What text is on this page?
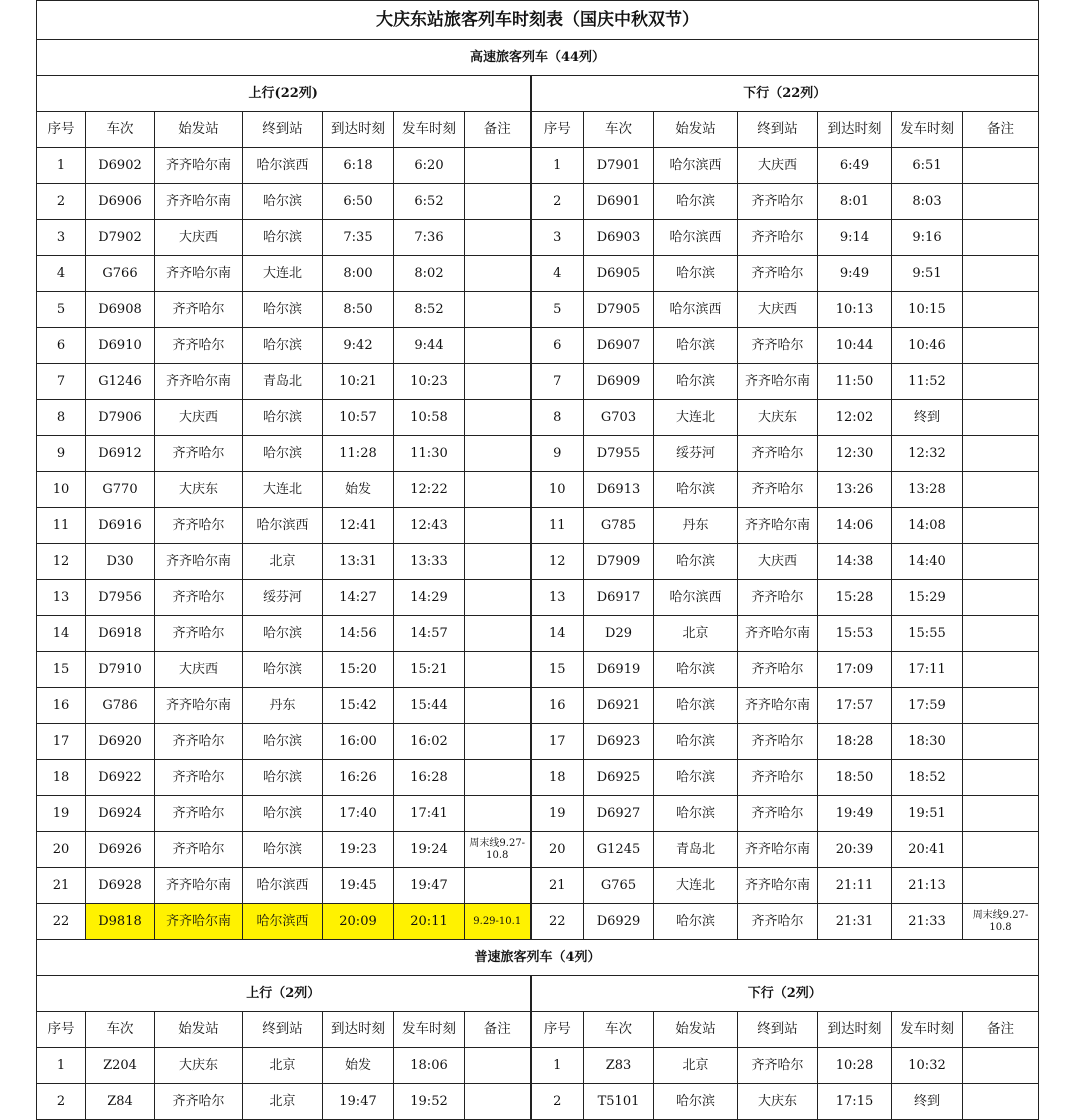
大庆东站旅客列车时刻表（国庆中秋双节）													
高速旅客列车（44列）													
上行(22列)							下行（22列）						
序号	车次	始发站	终到站	到达时刻	发车时刻	备注	序号	车次	始发站	终到站	到达时刻	发车时刻	备注
1	D6902	齐齐哈尔南	哈尔滨西	6:18	6:20		1	D7901	哈尔滨西	大庆西	6:49	6:51	
2	D6906	齐齐哈尔南	哈尔滨	6:50	6:52		2	D6901	哈尔滨	齐齐哈尔	8:01	8:03	
3	D7902	大庆西	哈尔滨	7:35	7:36		3	D6903	哈尔滨西	齐齐哈尔	9:14	9:16	
4	G766	齐齐哈尔南	大连北	8:00	8:02		4	D6905	哈尔滨	齐齐哈尔	9:49	9:51	
5	D6908	齐齐哈尔	哈尔滨	8:50	8:52		5	D7905	哈尔滨西	大庆西	10:13	10:15	
6	D6910	齐齐哈尔	哈尔滨	9:42	9:44		6	D6907	哈尔滨	齐齐哈尔	10:44	10:46	
7	G1246	齐齐哈尔南	青岛北	10:21	10:23		7	D6909	哈尔滨	齐齐哈尔南	11:50	11:52	
8	D7906	大庆西	哈尔滨	10:57	10:58		8	G703	大连北	大庆东	12:02	终到	
9	D6912	齐齐哈尔	哈尔滨	11:28	11:30		9	D7955	绥芬河	齐齐哈尔	12:30	12:32	
10	G770	大庆东	大连北	始发	12:22		10	D6913	哈尔滨	齐齐哈尔	13:26	13:28	
11	D6916	齐齐哈尔	哈尔滨西	12:41	12:43		11	G785	丹东	齐齐哈尔南	14:06	14:08	
12	D30	齐齐哈尔南	北京	13:31	13:33		12	D7909	哈尔滨	大庆西	14:38	14:40	
13	D7956	齐齐哈尔	绥芬河	14:27	14:29		13	D6917	哈尔滨西	齐齐哈尔	15:28	15:29	
14	D6918	齐齐哈尔	哈尔滨	14:56	14:57		14	D29	北京	齐齐哈尔南	15:53	15:55	
15	D7910	大庆西	哈尔滨	15:20	15:21		15	D6919	哈尔滨	齐齐哈尔	17:09	17:11	
16	G786	齐齐哈尔南	丹东	15:42	15:44		16	D6921	哈尔滨	齐齐哈尔南	17:57	17:59	
17	D6920	齐齐哈尔	哈尔滨	16:00	16:02		17	D6923	哈尔滨	齐齐哈尔	18:28	18:30	
18	D6922	齐齐哈尔	哈尔滨	16:26	16:28		18	D6925	哈尔滨	齐齐哈尔	18:50	18:52	
19	D6924	齐齐哈尔	哈尔滨	17:40	17:41		19	D6927	哈尔滨	齐齐哈尔	19:49	19:51	
20	D6926	齐齐哈尔	哈尔滨	19:23	19:24	周末线9.27-10.8	20	G1245	青岛北	齐齐哈尔南	20:39	20:41	
21	D6928	齐齐哈尔南	哈尔滨西	19:45	19:47		21	G765	大连北	齐齐哈尔南	21:11	21:13	
22	D9818	齐齐哈尔南	哈尔滨西	20:09	20:11	9.29-10.1	22	D6929	哈尔滨	齐齐哈尔	21:31	21:33	周末线9.27-10.8
普速旅客列车（4列）													
上行（2列）							下行（2列）						
序号	车次	始发站	终到站	到达时刻	发车时刻	备注	序号	车次	始发站	终到站	到达时刻	发车时刻	备注
1	Z204	大庆东	北京	始发	18:06		1	Z83	北京	齐齐哈尔	10:28	10:32	
2	Z84	齐齐哈尔	北京	19:47	19:52		2	T5101	哈尔滨	大庆东	17:15	终到	
